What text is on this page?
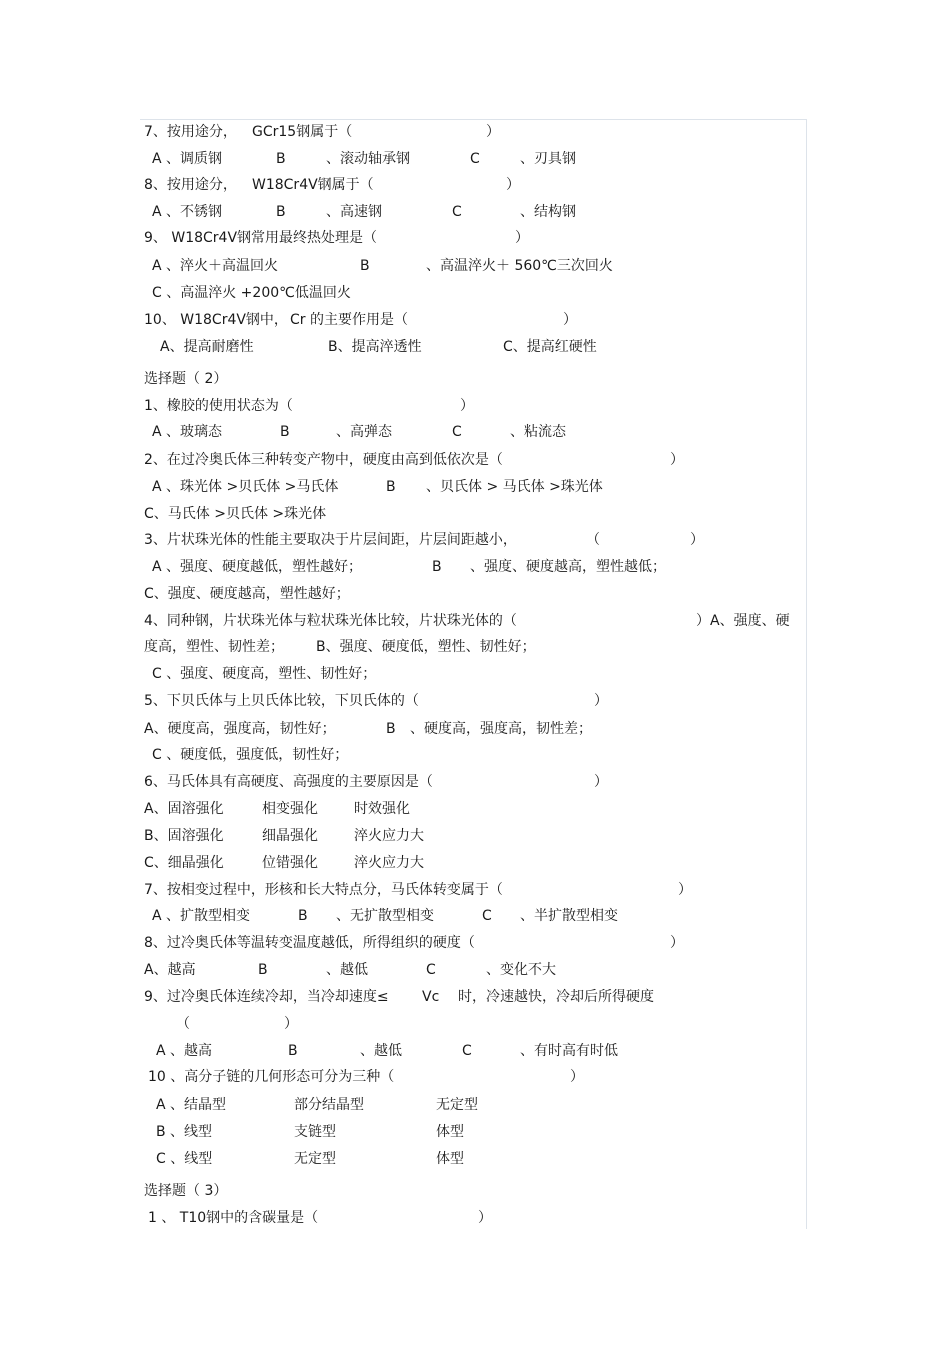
7、按用途分， GCr15钢属于（	）
A 、调质钢	B	、滚动轴承钢	C	、刃具钢
8、按用途分， W18Cr4V钢属于（	）
A 、不锈钢	B	、高速钢	C	、结构钢
9、 W18Cr4V钢常用最终热处理是（	）
A 、淬火＋高温回火	B	、高温淬火＋ 560℃三次回火
C 、高温淬火 +200℃低温回火
10、 W18Cr4V钢中， Cr 的主要作用是（	）
A、提高耐磨性	B、提高淬透性	C、提高红硬性
选择题（ 2）
1、橡胶的使用状态为（	）
A 、玻璃态	B	、高弹态	C	、粘流态
2、在过冷奥氏体三种转变产物中，硬度由高到低依次是（	）
A 、珠光体 >贝氏体 >马氏体	B 、贝氏体 > 马氏体 >珠光体
C、马氏体 >贝氏体 >珠光体
3、片状珠光体的性能主要取决于片层间距，片层间距越小，	（	）
A 、强度、硬度越低，塑性越好；	B 、强度、硬度越高，塑性越低；
C、强度、硬度越高，塑性越好；
4、同种钢，片状珠光体与粒状珠光体比较，片状珠光体的（	）A、强度、硬
度高，塑性、韧性差； B、强度、硬度低，塑性、韧性好；
C 、强度、硬度高，塑性、韧性好；
5、下贝氏体与上贝氏体比较，下贝氏体的（	）
A、硬度高，强度高，韧性好；	B 、硬度高，强度高，韧性差；
C 、硬度低，强度低，韧性好；
6、马氏体具有高硬度、高强度的主要原因是（	）
A、固溶强化	相变强化	时效强化
B、固溶强化	细晶强化	淬火应力大
C、细晶强化	位错强化	淬火应力大
7、按相变过程中，形核和长大特点分，马氏体转变属于（	）
A 、扩散型相变	B 、无扩散型相变	C 、半扩散型相变
8、过冷奥氏体等温转变温度越低，所得组织的硬度（	）
A、越高	B	、越低	C	、变化不大
9、过冷奥氏体连续冷却，当冷却速度≤ Vc 时，冷速越快，冷却后所得硬度
（	）
A 、越高	B	、越低	C	、有时高有时低
10 、高分子链的几何形态可分为三种（	）
A 、结晶型	部分结晶型	无定型
B 、线型	支链型	体型
C 、线型	无定型	体型
选择题（ 3）
1 、 T10钢中的含碳量是（	）
